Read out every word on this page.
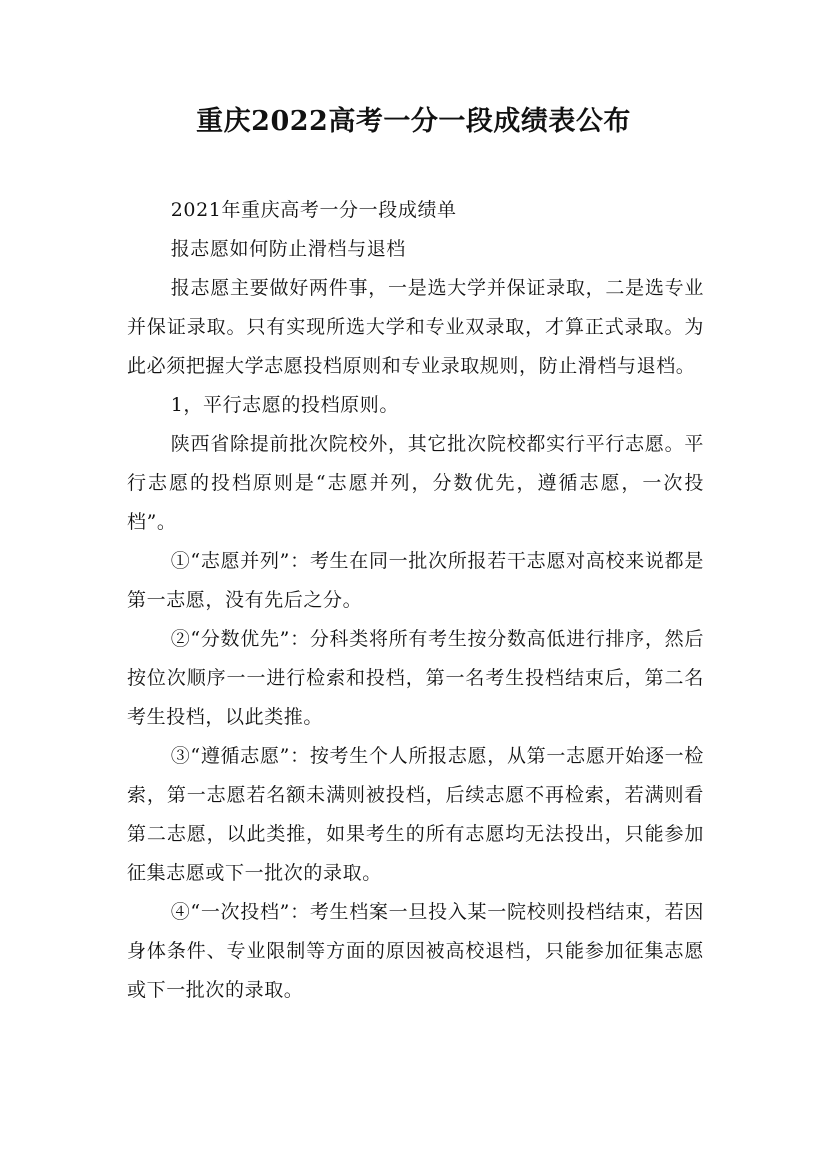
重庆2022高考一分一段成绩表公布

2021年重庆高考一分一段成绩单

报志愿如何防止滑档与退档

报志愿主要做好两件事，一是选大学并保证录取，二是选专业并保证录取。只有实现所选大学和专业双录取，才算正式录取。为此必须把握大学志愿投档原则和专业录取规则，防止滑档与退档。

1，平行志愿的投档原则。

陕西省除提前批次院校外，其它批次院校都实行平行志愿。平行志愿的投档原则是“志愿并列，分数优先，遵循志愿，一次投档”。

①“志愿并列”：考生在同一批次所报若干志愿对高校来说都是第一志愿，没有先后之分。

②“分数优先”：分科类将所有考生按分数高低进行排序，然后按位次顺序一一进行检索和投档，第一名考生投档结束后，第二名考生投档，以此类推。

③“遵循志愿”：按考生个人所报志愿，从第一志愿开始逐一检索，第一志愿若名额未满则被投档，后续志愿不再检索，若满则看第二志愿，以此类推，如果考生的所有志愿均无法投出，只能参加征集志愿或下一批次的录取。

④“一次投档”：考生档案一旦投入某一院校则投档结束，若因身体条件、专业限制等方面的原因被高校退档，只能参加征集志愿或下一批次的录取。
